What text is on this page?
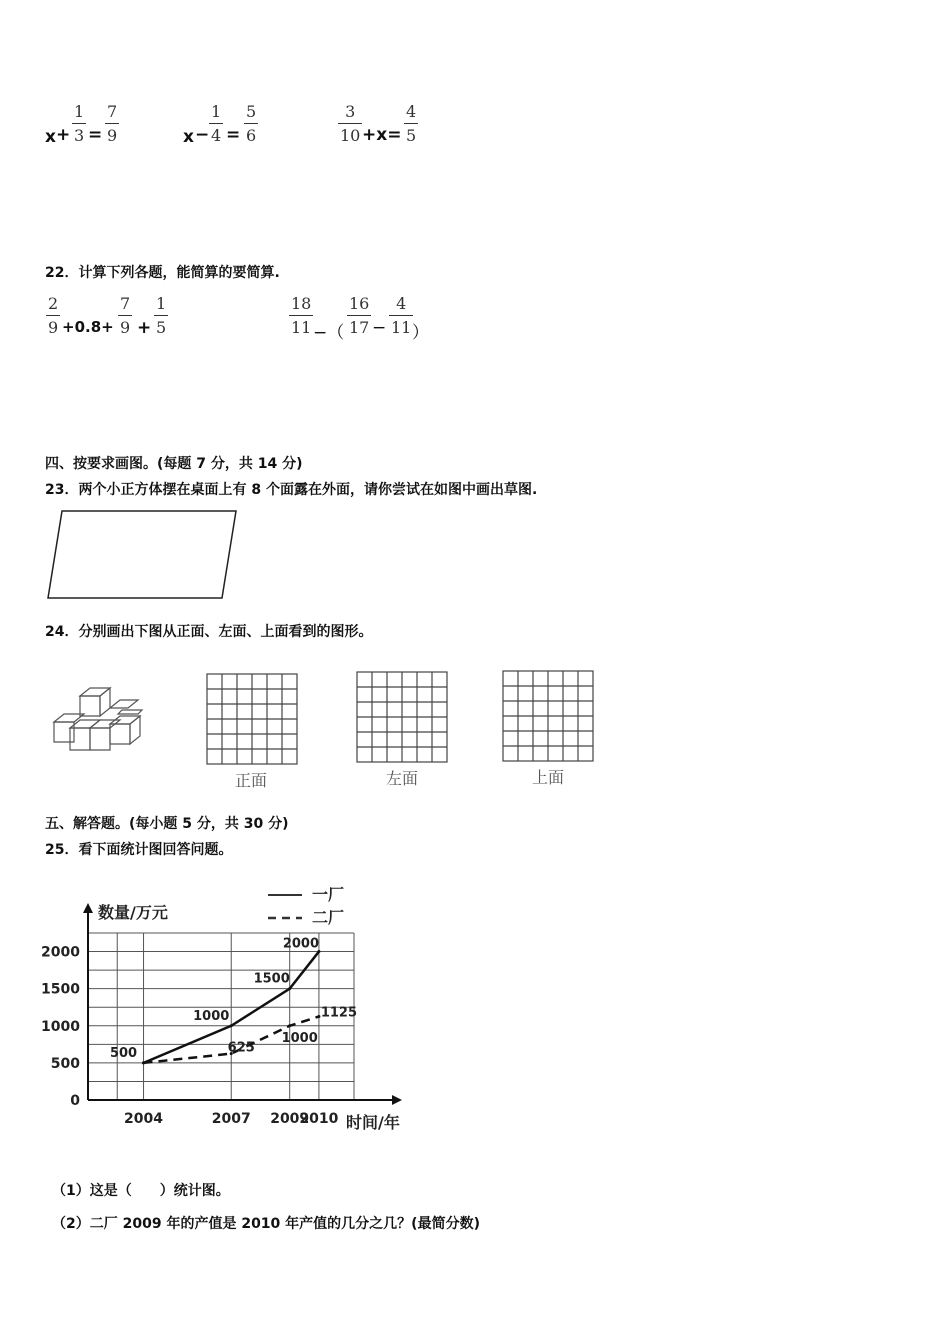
x +
1
3 =
7
9	x −
1
4 =
5
6
3
10 +x=
4
5
22．计算下列各题，能简算的要简算.
2
9 +0.8+
7
9 +
1
5
18
11 −（
16
17 −
4
11 ）
四、按要求画图。(每题 7 分，共 14 分)
23．两个小正方体摆在桌面上有 8 个面露在外面，请你尝试在如图中画出草图.
24．分别画出下图从正面、左面、上面看到的图形。
正面	左面	上面
五、解答题。(每小题 5 分，共 30 分)
25．看下面统计图回答问题。
一厂
二厂
数量/万元
时间/年
0
500
1000
1500
2000
2004	2007 2009
2010
500
1000
1500
2000
625
1000
1125
（1）这是（　　）统计图。
（2）二厂 2009 年的产值是 2010 年产值的几分之几？(最简分数)
